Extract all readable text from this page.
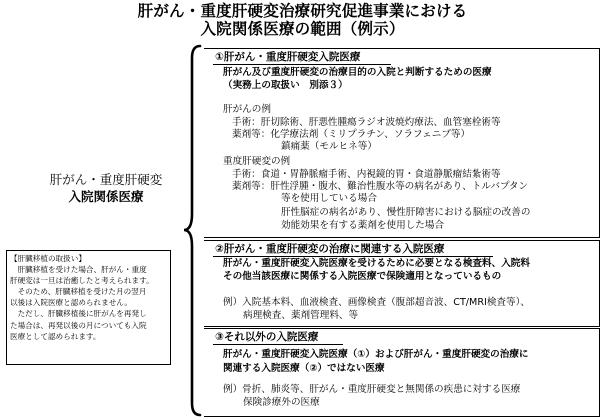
肝がん・重度肝硬変治療研究促進事業における
入院関係医療の範囲（例示）
肝がん・重度肝硬変
入院関係医療
【肝臓移植の取扱い】
　肝臓移植を受けた場合、肝がん・重度
肝硬変は一旦は治癒したと考えられます。
　そのため、肝臓移植を受けた月の翌月
以後は入院医療と認められません。
　ただし、肝臓移植後に肝がんを再発し
た場合は、再発以後の月についても入院
医療として認められます。
①肝がん・重度肝硬変入院医療
肝がん及び重度肝硬変の治療目的の入院と判断するための医療
（実務上の取扱い　別添３）
肝がんの例
手術：肝切除術、肝悪性腫瘍ラジオ波焼灼療法、血管塞栓術等
薬剤等：化学療法剤（ミリプラチン、ソラフェニブ等）
鎮痛薬（モルヒネ等）
重度肝硬変の例
手術：食道・胃静脈瘤手術、内視鏡的胃・食道静脈瘤結紮術等
薬剤等：肝性浮腫・腹水、難治性腹水等の病名があり、トルバプタン
等を使用している場合
肝性脳症の病名があり、慢性肝障害における脳症の改善の
効能効果を有する薬剤を使用した場合
②肝がん・重度肝硬変の治療に関連する入院医療
肝がん・重度肝硬変入院医療を受けるために必要となる検査料、入院料
その他当該医療に関係する入院医療で保険適用となっているもの
例）入院基本料、血液検査、画像検査（腹部超音波、CT/MRI検査等）、
病理検査、薬剤管理料、等
③それ以外の入院医療
肝がん・重度肝硬変入院医療（①）および肝がん・重度肝硬変の治療に
関連する入院医療（②）ではない医療
例）骨折、肺炎等、肝がん・重度肝硬変と無関係の疾患に対する医療
保険診療外の医療
